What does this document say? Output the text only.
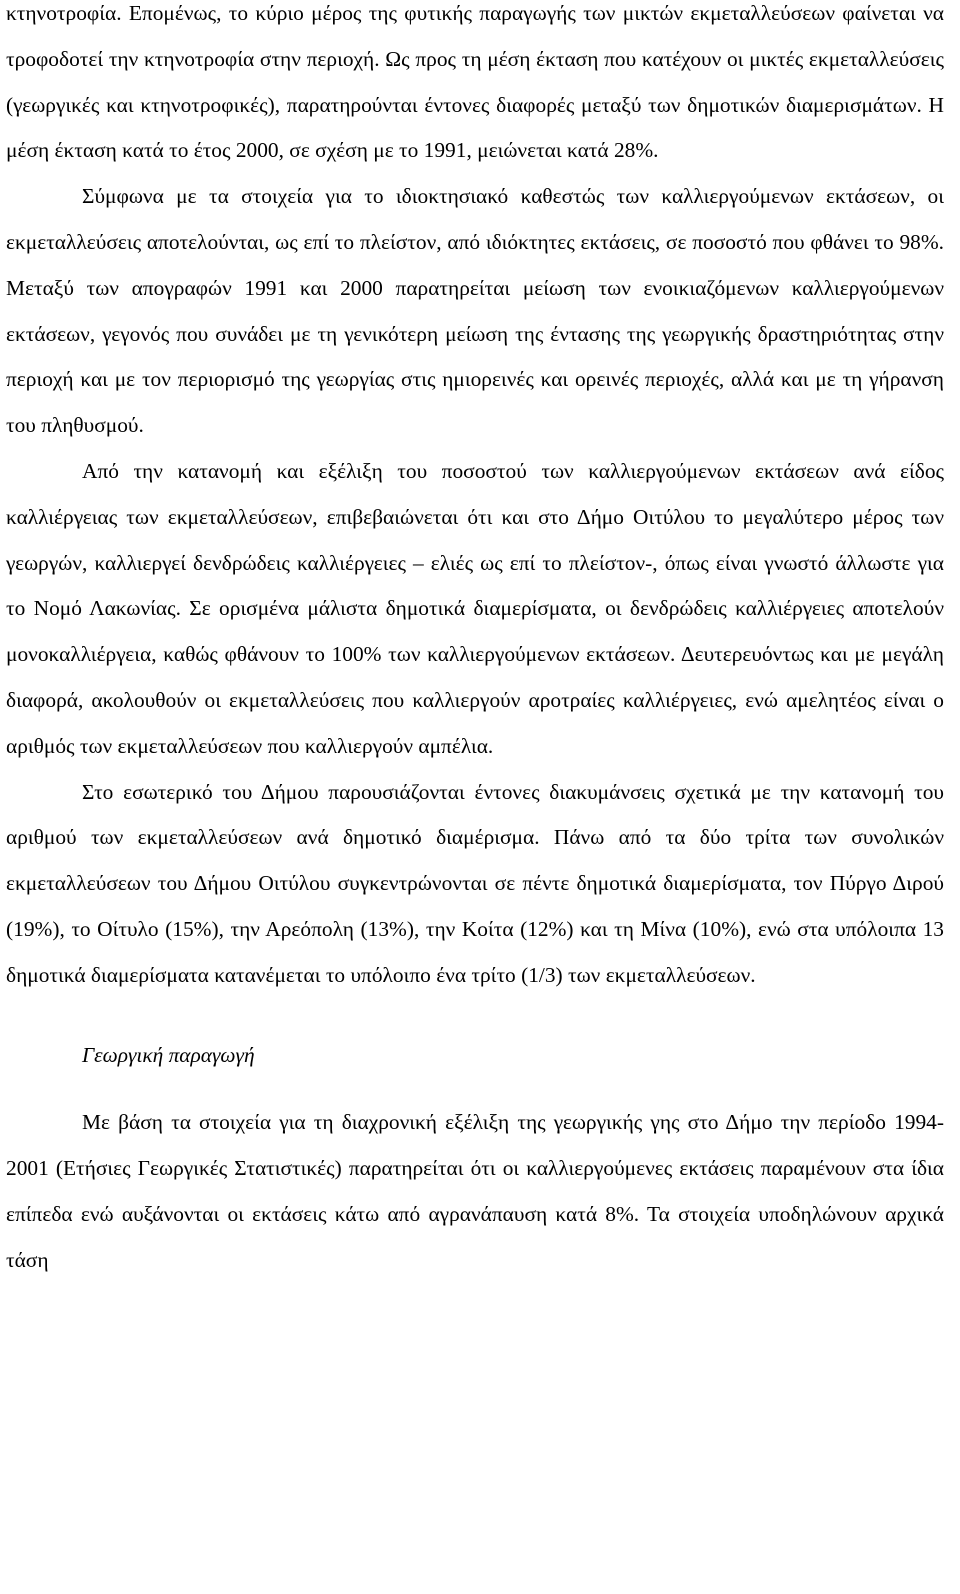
κτηνοτροφία. Επομένως, το κύριο μέρος της φυτικής παραγωγής των μικτών εκμεταλλεύσεων φαίνεται να τροφοδοτεί την κτηνοτροφία στην περιοχή. Ως προς τη μέση έκταση που κατέχουν οι μικτές εκμεταλλεύσεις (γεωργικές και κτηνοτροφικές), παρατηρούνται έντονες διαφορές μεταξύ των δημοτικών διαμερισμάτων. Η μέση έκταση κατά το έτος 2000, σε σχέση με το 1991, μειώνεται κατά 28%.

Σύμφωνα με τα στοιχεία για το ιδιοκτησιακό καθεστώς των καλλιεργούμενων εκτάσεων, οι εκμεταλλεύσεις αποτελούνται, ως επί το πλείστον, από ιδιόκτητες εκτάσεις, σε ποσοστό που φθάνει το 98%. Μεταξύ των απογραφών 1991 και 2000 παρατηρείται μείωση των ενοικιαζόμενων καλλιεργούμενων εκτάσεων, γεγονός που συνάδει με τη γενικότερη μείωση της έντασης της γεωργικής δραστηριότητας στην περιοχή και με τον περιορισμό της γεωργίας στις ημιορεινές και ορεινές περιοχές, αλλά και με τη γήρανση του πληθυσμού.

Από την κατανομή και εξέλιξη του ποσοστού των καλλιεργούμενων εκτάσεων ανά είδος καλλιέργειας των εκμεταλλεύσεων, επιβεβαιώνεται ότι και στο Δήμο Οιτύλου το μεγαλύτερο μέρος των γεωργών, καλλιεργεί δενδρώδεις καλλιέργειες – ελιές ως επί το πλείστον-, όπως είναι γνωστό άλλωστε για το Νομό Λακωνίας. Σε ορισμένα μάλιστα δημοτικά διαμερίσματα, οι δενδρώδεις καλλιέργειες αποτελούν μονοκαλλιέργεια, καθώς φθάνουν το 100% των καλλιεργούμενων εκτάσεων. Δευτερευόντως και με μεγάλη διαφορά, ακολουθούν οι εκμεταλλεύσεις που καλλιεργούν αροτραίες καλλιέργειες, ενώ αμελητέος είναι ο αριθμός των εκμεταλλεύσεων που καλλιεργούν αμπέλια.

Στο εσωτερικό του Δήμου παρουσιάζονται έντονες διακυμάνσεις σχετικά με την κατανομή του αριθμού των εκμεταλλεύσεων ανά δημοτικό διαμέρισμα. Πάνω από τα δύο τρίτα των συνολικών εκμεταλλεύσεων του Δήμου Οιτύλου συγκεντρώνονται σε πέντε δημοτικά διαμερίσματα, τον Πύργο Διρού (19%), το Οίτυλο (15%), την Αρεόπολη (13%), την Κοίτα (12%) και τη Μίνα (10%), ενώ στα υπόλοιπα 13 δημοτικά διαμερίσματα κατανέμεται το υπόλοιπο ένα τρίτο (1/3) των εκμεταλλεύσεων.

Γεωργική παραγωγή

Με βάση τα στοιχεία για τη διαχρονική εξέλιξη της γεωργικής γης στο Δήμο την περίοδο 1994-2001 (Ετήσιες Γεωργικές Στατιστικές) παρατηρείται ότι οι καλλιεργούμενες εκτάσεις παραμένουν στα ίδια επίπεδα ενώ αυξάνονται οι εκτάσεις κάτω από αγρανάπαυση κατά 8%. Τα στοιχεία υποδηλώνουν αρχικά τάση
